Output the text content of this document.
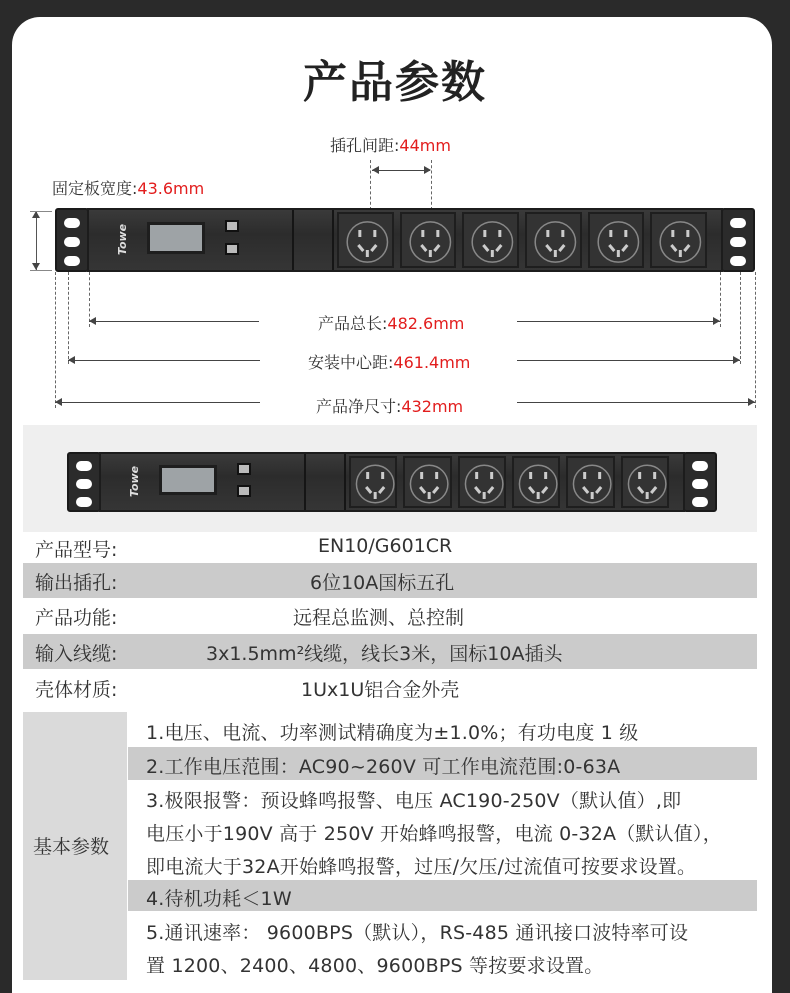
产品参数
插孔间距:44mm
固定板宽度:43.6mm
产品总长:482.6mm
安装中心距:461.4mm
产品净尺寸:432mm
Towe
Towe
产品型号:	EN10/G601CR
输出插孔:	6位10A国标五孔
产品功能:	远程总监测、总控制
输入线缆:	3x1.5mm²线缆，线长3米，国标10A插头
壳体材质:	1Ux1U铝合金外壳
基本参数
1.电压、电流、功率测试精确度为±1.0%；有功电度 1 级
2.工作电压范围：AC90~260V 可工作电流范围:0-63A
3.极限报警：预设蜂鸣报警、电压 AC190-250V（默认值）,即
电压小于190V 高于 250V 开始蜂鸣报警，电流 0-32A（默认值），
即电流大于32A开始蜂鸣报警，过压/欠压/过流值可按要求设置。
4.待机功耗＜1W
5.通讯速率： 9600BPS（默认），RS-485 通讯接口波特率可设
置 1200、2400、4800、9600BPS 等按要求设置。
